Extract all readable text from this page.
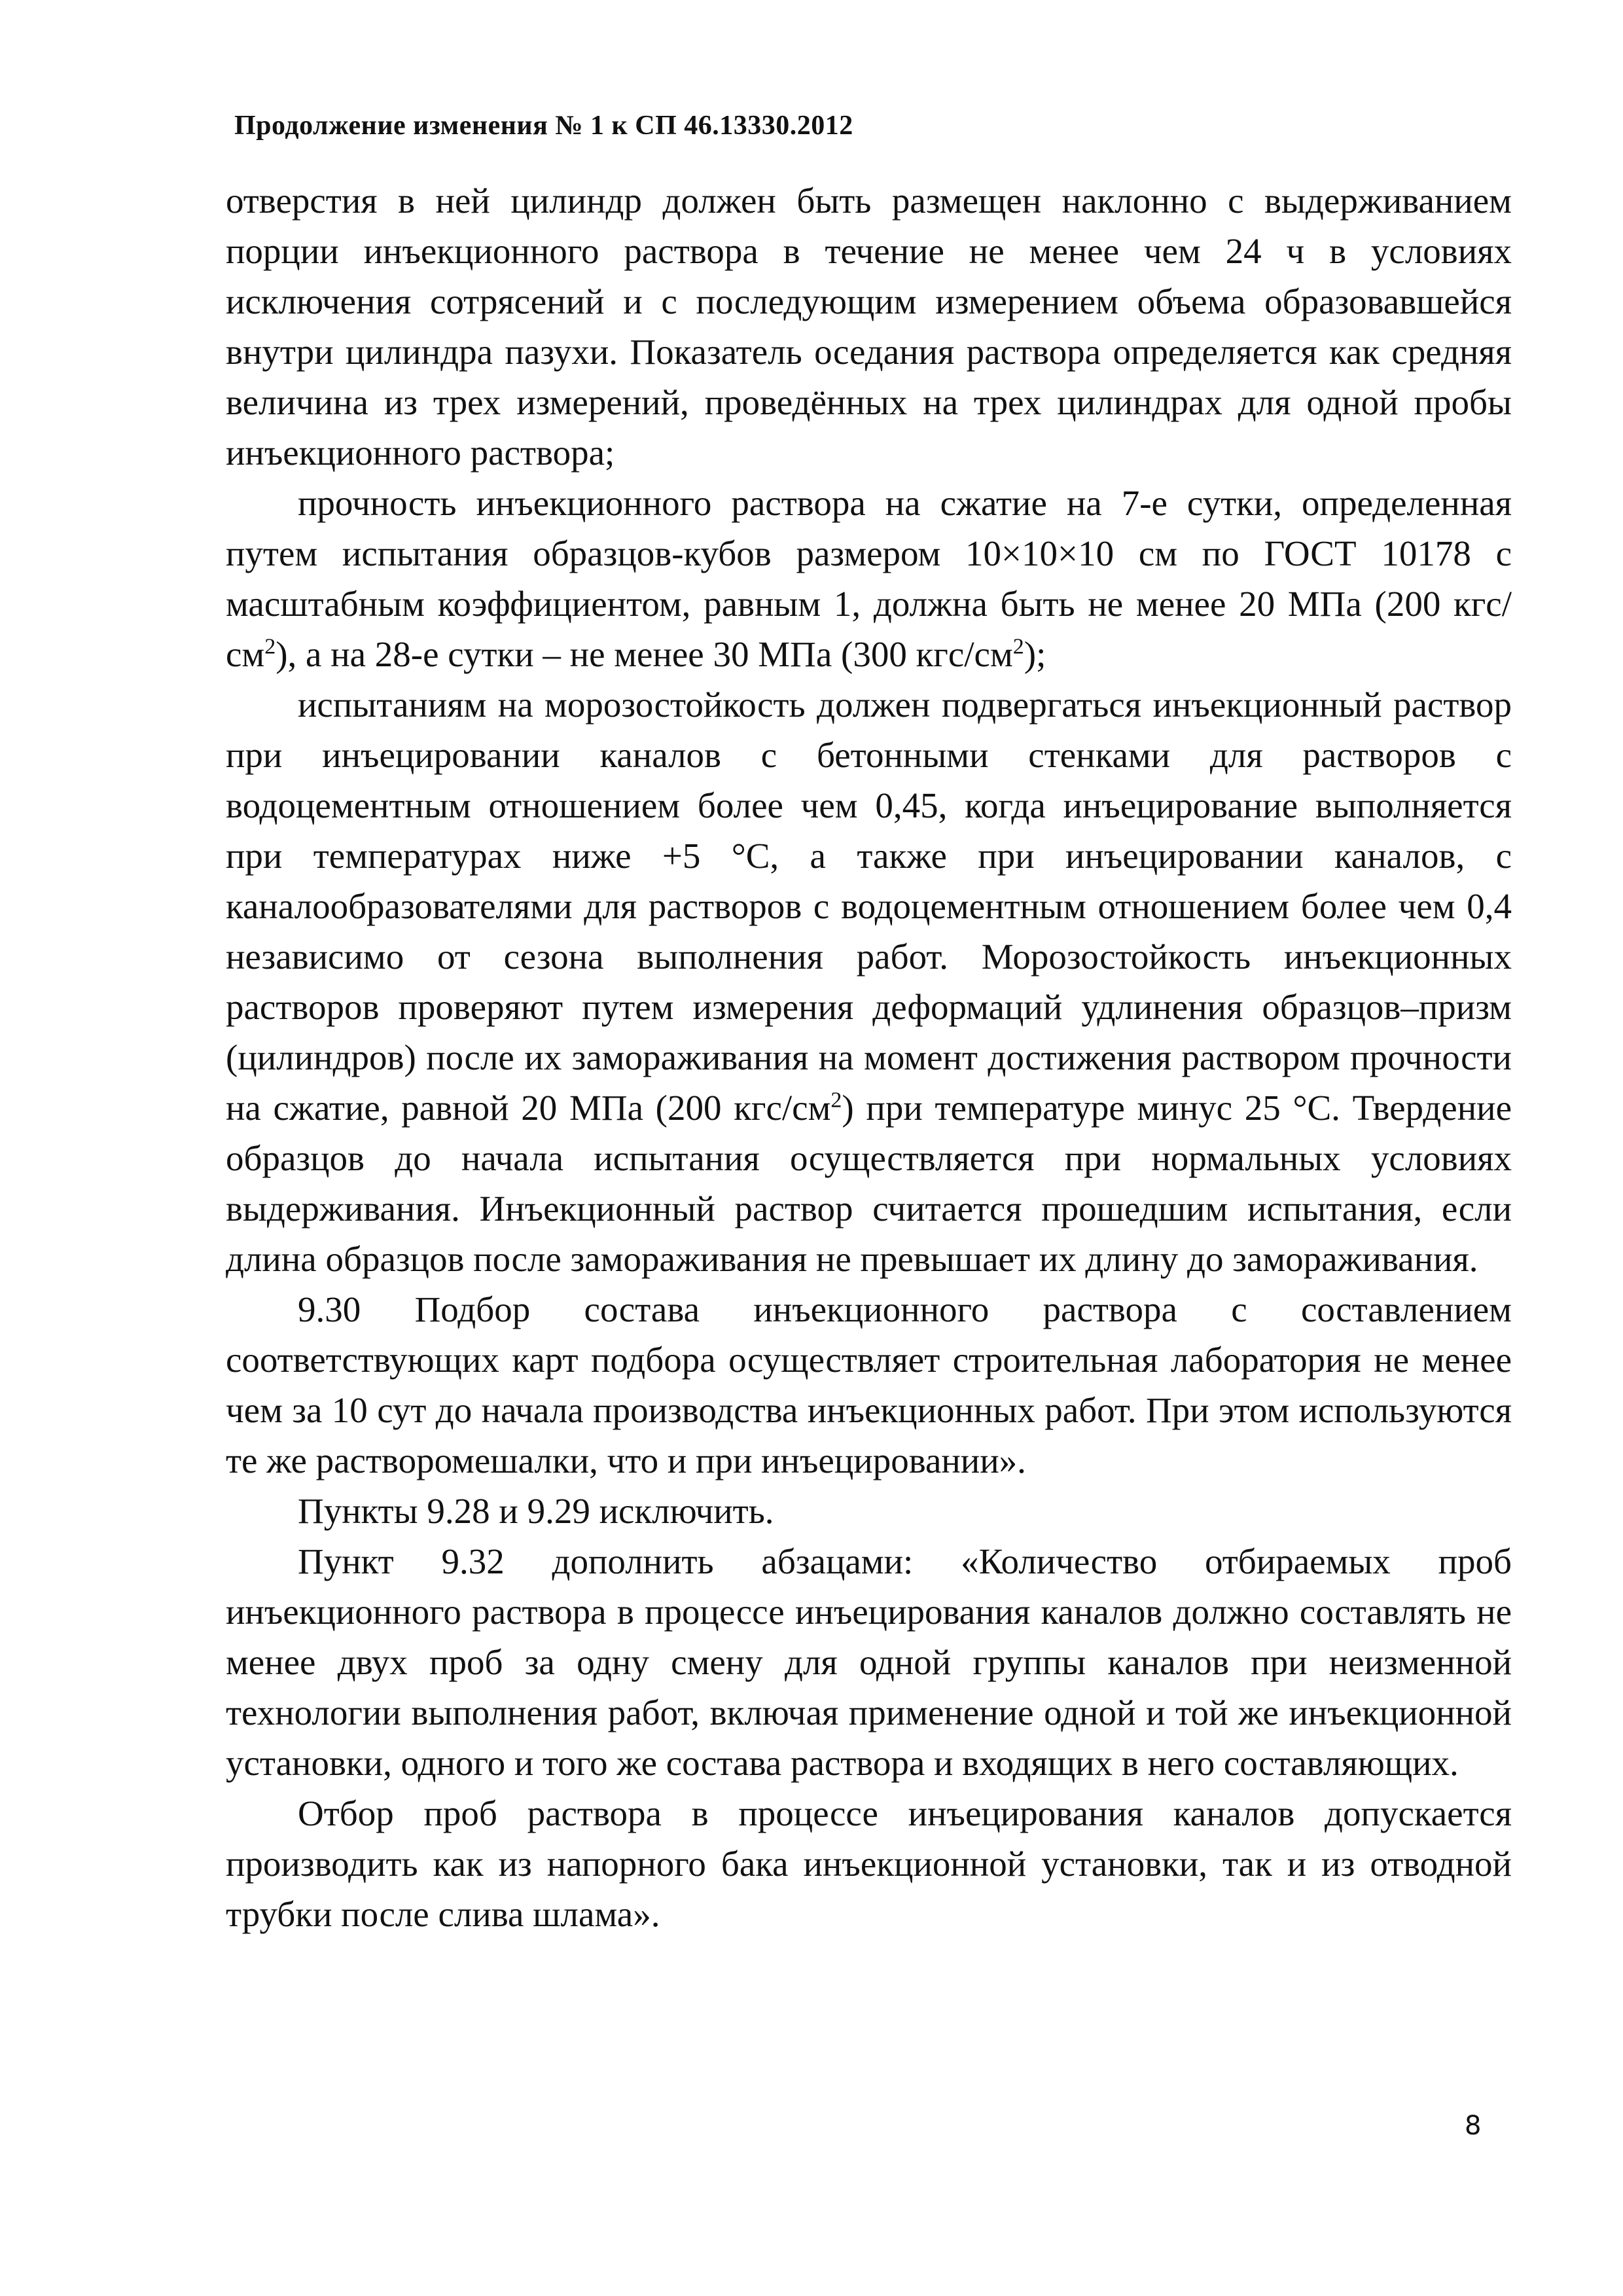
Продолжение изменения № 1 к СП 46.13330.2012

отверстия в ней цилиндр должен быть размещен наклонно с выдерживанием порции инъекционного раствора в течение не менее чем 24 ч в условиях исключения сотрясений и с последующим измерением объема образовавшейся внутри цилиндра пазухи. Показатель оседания раствора определяется как средняя величина из трех измерений, проведённых на трех цилиндрах для одной пробы инъекционного раствора;

прочность инъекционного раствора на сжатие на 7-е сутки, определенная путем испытания образцов-кубов размером 10×10×10 см по ГОСТ 10178 с масштабным коэффициентом, равным 1, должна быть не менее 20 МПа (200 кгс/$см^2$), а на 28-е сутки – не менее 30 МПа (300 кгс/$см^2$);

испытаниям на морозостойкость должен подвергаться инъекционный раствор при инъецировании каналов с бетонными стенками для растворов с водоцементным отношением более чем 0,45, когда инъецирование выполняется при температурах ниже +5 °С, а также при инъецировании каналов, с каналообразователями для растворов с водоцементным отношением более чем 0,4 независимо от сезона выполнения работ. Морозостойкость инъекционных растворов проверяют путем измерения деформаций удлинения образцов–призм (цилиндров) после их замораживания на момент достижения раствором прочности на сжатие, равной 20 МПа (200 кгс/$см^2$) при температуре минус 25 °С. Твердение образцов до начала испытания осуществляется при нормальных условиях выдерживания. Инъекционный раствор считается прошедшим испытания, если длина образцов после замораживания не превышает их длину до замораживания.

9.30 Подбор состава инъекционного раствора с составлением соответствующих карт подбора осуществляет строительная лаборатория не менее чем за 10 сут до начала производства инъекционных работ. При этом используются те же растворомешалки, что и при инъецировании».

Пункты 9.28 и 9.29 исключить.

Пункт 9.32 дополнить абзацами: «Количество отбираемых проб инъекционного раствора в процессе инъецирования каналов должно составлять не менее двух проб за одну смену для одной группы каналов при неизменной технологии выполнения работ, включая применение одной и той же инъекционной установки, одного и того же состава раствора и входящих в него составляющих.

Отбор проб раствора в процессе инъецирования каналов допускается производить как из напорного бака инъекционной установки, так и из отводной трубки после слива шлама».

8
